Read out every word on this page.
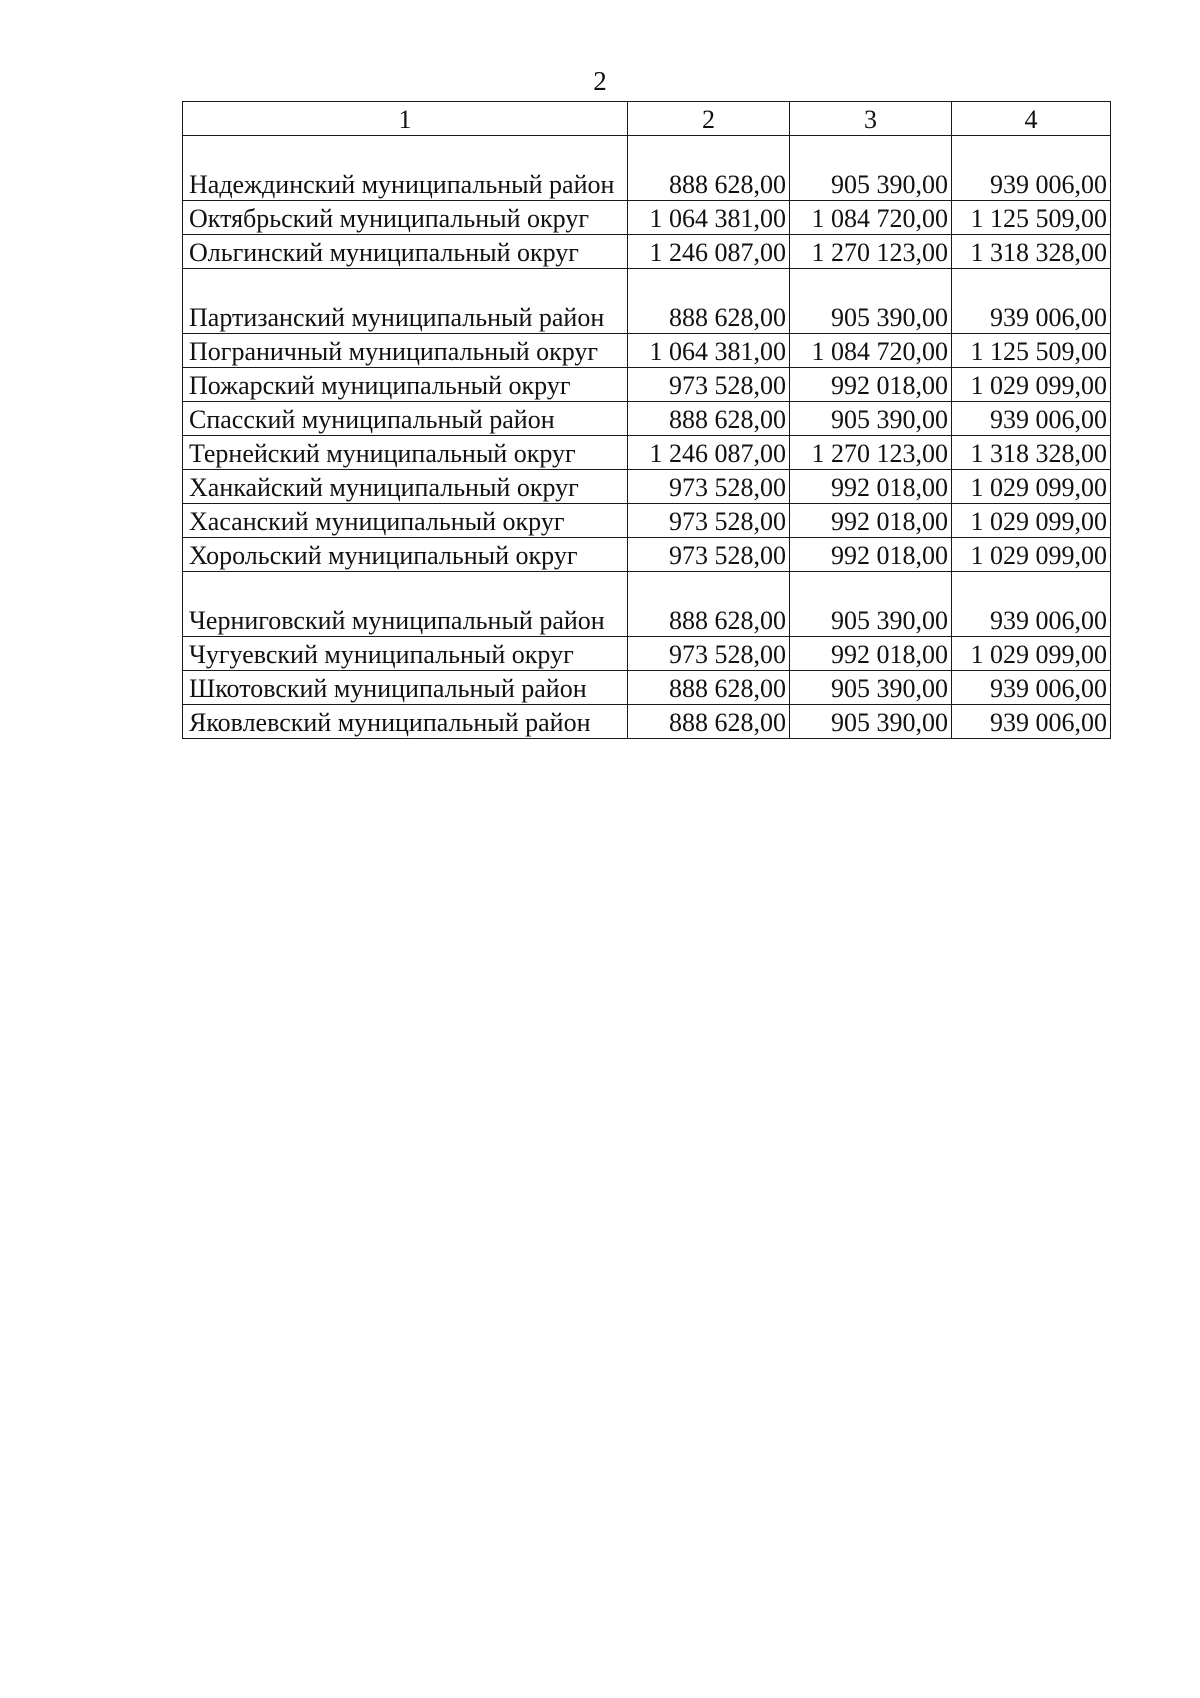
2
1	2	3	4
Надеждинский муниципальный район	888 628,00	905 390,00	939 006,00
Октябрьский муниципальный округ	1 064 381,00	1 084 720,00	1 125 509,00
Ольгинский муниципальный округ	1 246 087,00	1 270 123,00	1 318 328,00
Партизанский муниципальный район	888 628,00	905 390,00	939 006,00
Пограничный муниципальный округ	1 064 381,00	1 084 720,00	1 125 509,00
Пожарский муниципальный округ	973 528,00	992 018,00	1 029 099,00
Спасский муниципальный район	888 628,00	905 390,00	939 006,00
Тернейский муниципальный округ	1 246 087,00	1 270 123,00	1 318 328,00
Ханкайский муниципальный округ	973 528,00	992 018,00	1 029 099,00
Хасанский муниципальный округ	973 528,00	992 018,00	1 029 099,00
Хорольский муниципальный округ	973 528,00	992 018,00	1 029 099,00
Черниговский муниципальный район	888 628,00	905 390,00	939 006,00
Чугуевский муниципальный округ	973 528,00	992 018,00	1 029 099,00
Шкотовский муниципальный район	888 628,00	905 390,00	939 006,00
Яковлевский муниципальный район	888 628,00	905 390,00	939 006,00
